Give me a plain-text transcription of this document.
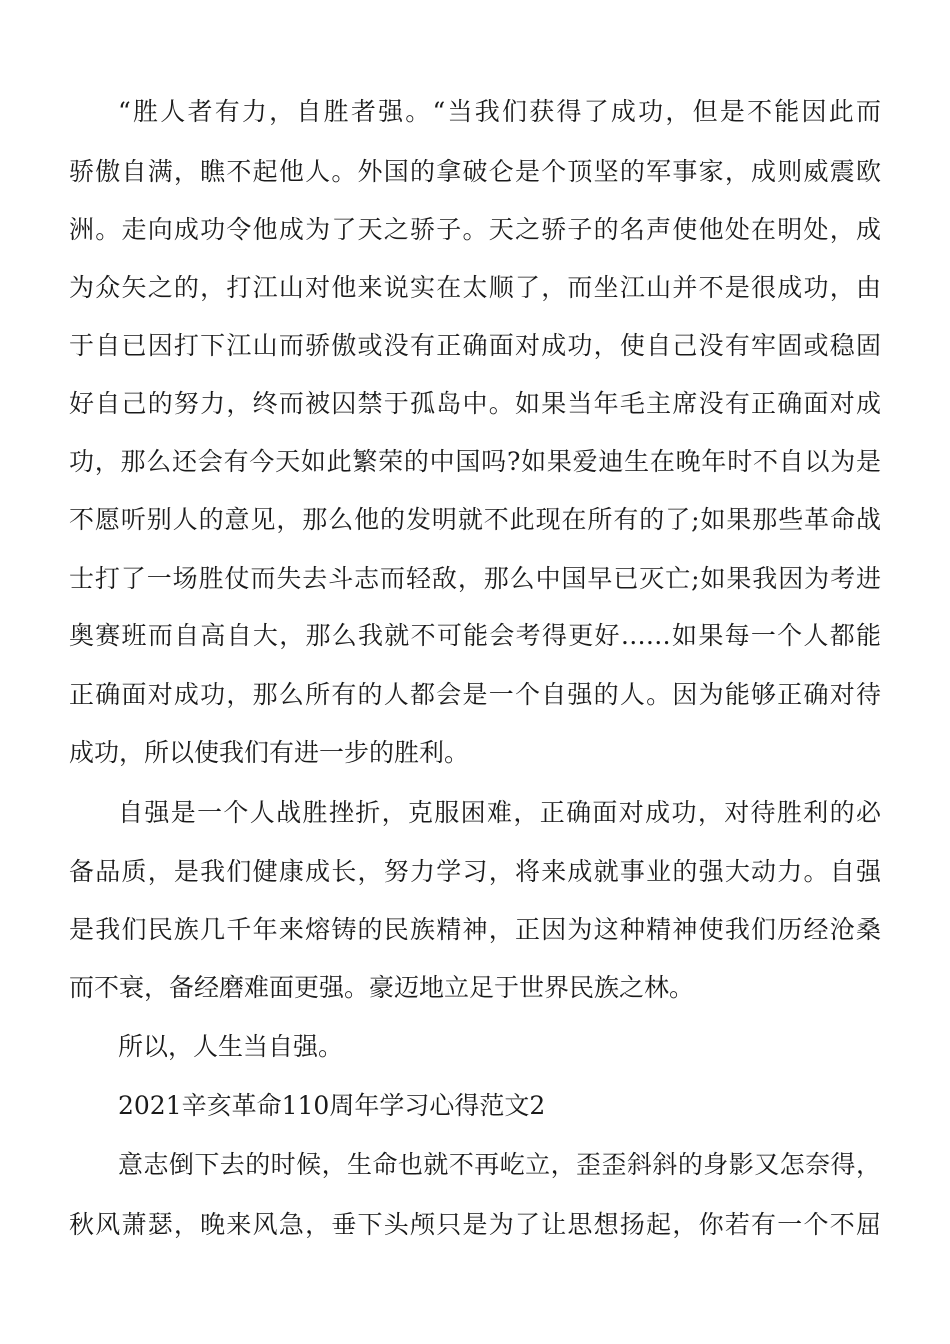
“胜人者有力，自胜者强。“当我们获得了成功，但是不能因此而
骄傲自满，瞧不起他人。外国的拿破仑是个顶坚的军事家，成则威震欧
洲。走向成功令他成为了天之骄子。天之骄子的名声使他处在明处，成
为众矢之的，打江山对他来说实在太顺了，而坐江山并不是很成功，由
于自已因打下江山而骄傲或没有正确面对成功，使自己没有牢固或稳固
好自己的努力，终而被囚禁于孤岛中。如果当年毛主席没有正确面对成
功，那么还会有今天如此繁荣的中国吗?如果爱迪生在晚年时不自以为是
不愿听别人的意见，那么他的发明就不此现在所有的了;如果那些革命战
士打了一场胜仗而失去斗志而轻敌，那么中国早已灭亡;如果我因为考进
奥赛班而自高自大，那么我就不可能会考得更好……如果每一个人都能
正确面对成功，那么所有的人都会是一个自强的人。因为能够正确对待
成功，所以使我们有进一步的胜利。
自强是一个人战胜挫折，克服困难，正确面对成功，对待胜利的必
备品质，是我们健康成长，努力学习，将来成就事业的强大动力。自强
是我们民族几千年来熔铸的民族精神，正因为这种精神使我们历经沧桑
而不衰，备经磨难面更强。豪迈地立足于世界民族之林。
所以，人生当自强。
2021辛亥革命110周年学习心得范文2
意志倒下去的时候，生命也就不再屹立，歪歪斜斜的身影又怎奈得，
秋风萧瑟，晚来风急，垂下头颅只是为了让思想扬起，你若有一个不屈
